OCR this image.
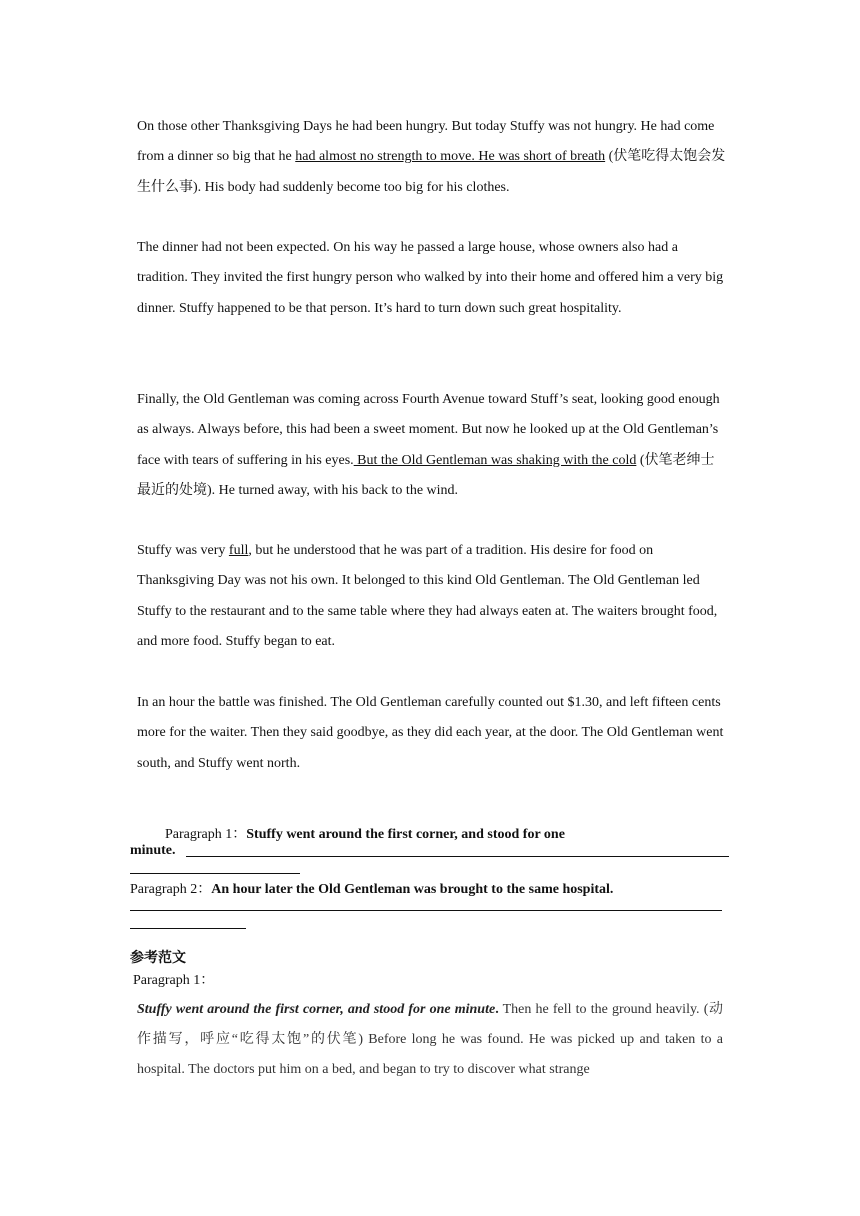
On those other Thanksgiving Days he had been hungry. But today Stuffy was not hungry. He had come from a dinner so big that he had almost no strength to move. He was short of breath (伏笔吃得太饱会发生什么事). His body had suddenly become too big for his clothes.

The dinner had not been expected. On his way he passed a large house, whose owners also had a tradition. They invited the first hungry person who walked by into their home and offered him a very big dinner. Stuffy happened to be that person. It’s hard to turn down such great hospitality.

Finally, the Old Gentleman was coming across Fourth Avenue toward Stuff’s seat, looking good enough as always. Always before, this had been a sweet moment. But now he looked up at the Old Gentleman’s face with tears of suffering in his eyes. But the Old Gentleman was shaking with the cold (伏笔老绅士最近的处境). He turned away, with his back to the wind.

Stuffy was very full, but he understood that he was part of a tradition. His desire for food on Thanksgiving Day was not his own. It belonged to this kind Old Gentleman. The Old Gentleman led Stuffy to the restaurant and to the same table where they had always eaten at. The waiters brought food, and more food. Stuffy began to eat.

In an hour the battle was finished. The Old Gentleman carefully counted out $1.30, and left fifteen cents more for the waiter. Then they said goodbye, as they did each year, at the door. The Old Gentleman went south, and Stuffy went north.

Paragraph 1：Stuffy went around the first corner, and stood for one

minute.

Paragraph 2：An hour later the Old Gentleman was brought to the same hospital.

参考范文

Paragraph 1：

Stuffy went around the first corner, and stood for one minute. Then he fell to the ground heavily. (动作描写，呼应“吃得太饱”的伏笔) Before long he was found. He was picked up and taken to a hospital. The doctors put him on a bed, and began to try to discover what strange
